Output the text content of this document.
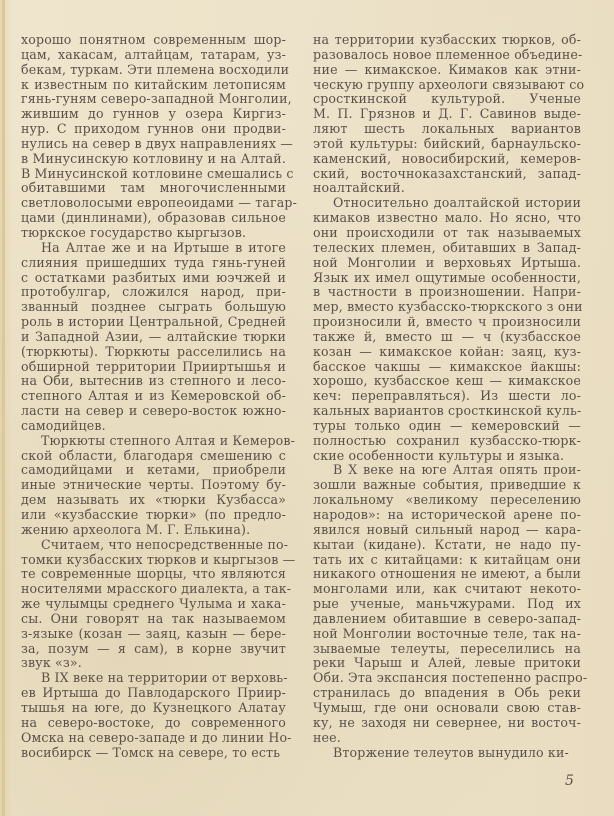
хорошо понятном современным шор-
цам, хакасам, алтайцам, татарам, уз-
бекам, туркам. Эти племена восходили
к известным по китайским летописям
гянь-гуням северо-западной Монголии,
жившим до гуннов у озера Киргиз-
нур. С приходом гуннов они продви-
нулись на север в двух направлениях —
в Минусинскую котловину и на Алтай.
В Минусинской котловине смешались с
обитавшими там многочисленными
светловолосыми европеоидами — тагар-
цами (динлинами), образовав сильное
тюркское государство кыргызов.

На Алтае же и на Иртыше в итоге
слияния пришедших туда гянь-гуней
с остатками разбитых ими юэчжей и
протобулгар, сложился народ, при-
званный позднее сыграть большую
роль в истории Центральной, Средней
и Западной Азии, — алтайские тюрки
(тюркюты). Тюркюты расселились на
обширной территории Прииртышья и
на Оби, вытеснив из степного и лесо-
степного Алтая и из Кемеровской об-
ласти на север и северо-восток южно-
самодийцев.

Тюркюты степного Алтая и Кемеров-
ской области, благодаря смешению с
самодийцами и кетами, приобрели
иные этнические черты. Поэтому бу-
дем называть их «тюрки Кузбасса»
или «кузбасские тюрки» (по предло-
жению археолога М. Г. Елькина).

Считаем, что непосредственные по-
томки кузбасских тюрков и кыргызов —
те современные шорцы, что являются
носителями мрасского диалекта, а так-
же чулымцы среднего Чулыма и хака-
сы. Они говорят на так называемом
з-языке (козан — заяц, казын — бере-
за, позум — я сам), в корне звучит
звук «з».

В IX веке на территории от верховь-
ев Иртыша до Павлодарского Приир-
тышья на юге, до Кузнецкого Алатау
на северо-востоке, до современного
Омска на северо-западе и до линии Но-
восибирск — Томск на севере, то есть

на территории кузбасских тюрков, об-
разовалось новое племенное объедине-
ние — кимакское. Кимаков как этни-
ческую группу археологи связывают со
сросткинской культурой. Ученые
М. П. Грязнов и Д. Г. Савинов выде-
ляют шесть локальных вариантов
этой культуры: бийский, барнаульско-
каменский, новосибирский, кемеров-
ский, восточноказахстанский, запад-
ноалтайский.

Относительно доалтайской истории
кимаков известно мало. Но ясно, что
они происходили от так называемых
телеских племен, обитавших в Запад-
ной Монголии и верховьях Иртыша.
Язык их имел ощутимые особенности,
в частности в произношении. Напри-
мер, вместо кузбасско-тюркского з они
произносили й, вместо ч произносили
также й, вместо ш — ч (кузбасское
козан — кимакское койан: заяц, куз-
басское чакшы — кимакское йакшы:
хорошо, кузбасское кеш — кимакское
кеч: переправляться). Из шести ло-
кальных вариантов сросткинской куль-
туры только один — кемеровский —
полностью сохранил кузбасско-тюрк-
ские особенности культуры и языка.

В X веке на юге Алтая опять прои-
зошли важные события, приведшие к
локальному «великому переселению
народов»: на исторической арене по-
явился новый сильный народ — кара-
кытаи (кидане). Кстати, не надо пу-
тать их с китайцами: к китайцам они
никакого отношения не имеют, а были
монголами или, как считают некото-
рые ученые, маньчжурами. Под их
давлением обитавшие в северо-запад-
ной Монголии восточные теле, так на-
зываемые телеуты, переселились на
реки Чарыш и Алей, левые притоки
Оби. Эта экспансия постепенно распро-
странилась до впадения в Обь реки
Чумыш, где они основали свою став-
ку, не заходя ни севернее, ни восточ-
нее.

Вторжение телеутов вынудило ки-

5
